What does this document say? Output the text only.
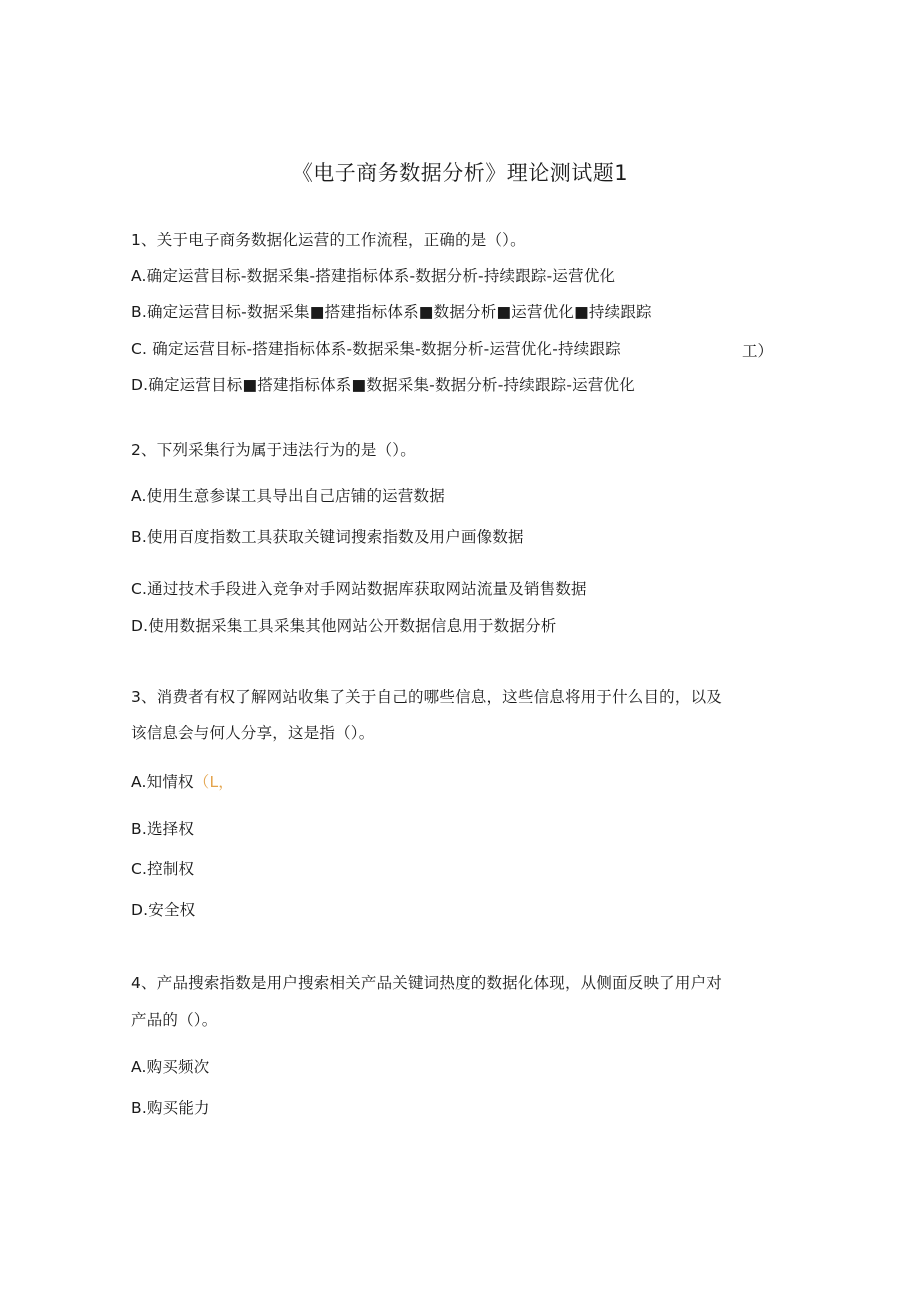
《电子商务数据分析》理论测试题1
1、关于电子商务数据化运营的工作流程，正确的是（）。
A.确定运营目标-数据采集-搭建指标体系-数据分析-持续跟踪-运营优化
B.确定运营目标-数据采集■搭建指标体系■数据分析■运营优化■持续跟踪
C. 确定运营目标-搭建指标体系-数据采集-数据分析-运营优化-持续跟踪	工）
D.确定运营目标■搭建指标体系■数据采集-数据分析-持续跟踪-运营优化
2、下列采集行为属于违法行为的是（）。
A.使用生意参谋工具导出自己店铺的运营数据
B.使用百度指数工具获取关键词搜索指数及用户画像数据
C.通过技术手段进入竞争对手网站数据库获取网站流量及销售数据
D.使用数据采集工具采集其他网站公开数据信息用于数据分析
3、消费者有权了解网站收集了关于自己的哪些信息，这些信息将用于什么目的，以及
该信息会与何人分享，这是指（）。
A.知情权（L，
B.选择权
C.控制权
D.安全权
4、产品搜索指数是用户搜索相关产品关键词热度的数据化体现，从侧面反映了用户对
产品的（）。
A.购买频次
B.购买能力
